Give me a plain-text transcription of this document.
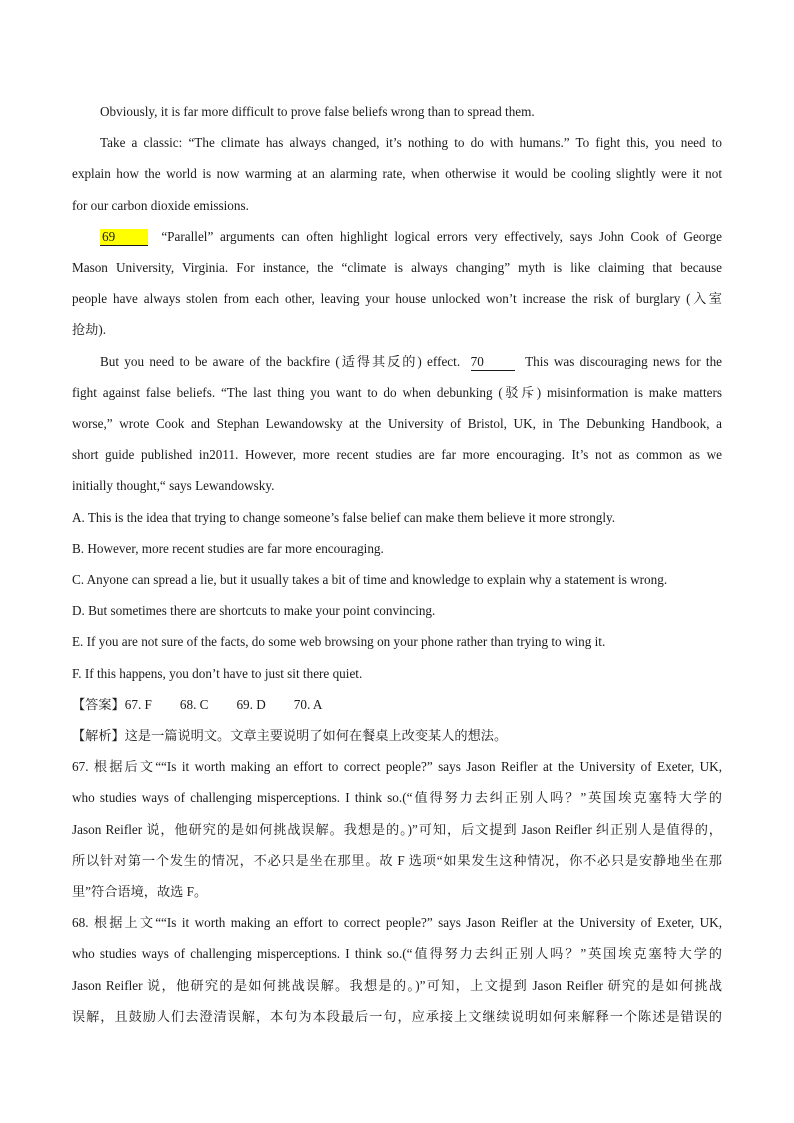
Obviously, it is far more difficult to prove false beliefs wrong than to spread them.
Take a classic: “The climate has always changed, it’s nothing to do with humans.” To fight this, you need to
explain how the world is now warming at an alarming rate, when otherwise it would be cooling slightly were it not
for our carbon dioxide emissions.
69	“Parallel” arguments can often highlight logical errors very effectively, says John Cook of George
Mason University, Virginia. For instance, the “climate is always changing” myth is like claiming that because
people have always stolen from each other, leaving your house unlocked won’t increase the risk of burglary (入室
抢劫).
But you need to be aware of the backfire (适得其反的) effect. 70	This was discouraging news for the
fight against false beliefs. “The last thing you want to do when debunking (驳斥) misinformation is make matters
worse,” wrote Cook and Stephan Lewandowsky at the University of Bristol, UK, in The Debunking Handbook, a
short guide published in2011. However, more recent studies are far more encouraging. It’s not as common as we
initially thought,“ says Lewandowsky.
A. This is the idea that trying to change someone’s false belief can make them believe it more strongly.
B. However, more recent studies are far more encouraging.
C. Anyone can spread a lie, but it usually takes a bit of time and knowledge to explain why a statement is wrong.
D. But sometimes there are shortcuts to make your point convincing.
E. If you are not sure of the facts, do some web browsing on your phone rather than trying to wing it.
F. If this happens, you don’t have to just sit there quiet.
【答案】67. F 68. C 69. D 70. A
【解析】这是一篇说明文。文章主要说明了如何在餐桌上改变某人的想法。
67. 根据后文““Is it worth making an effort to correct people?” says Jason Reifler at the University of Exeter, UK,
who studies ways of challenging misperceptions. I think so.(“值得努力去纠正别人吗？”英国埃克塞特大学的
Jason Reifler 说，他研究的是如何挑战误解。我想是的。)”可知，后文提到 Jason Reifler 纠正别人是值得的，
所以针对第一个发生的情况，不必只是坐在那里。故 F 选项“如果发生这种情况，你不必只是安静地坐在那
里”符合语境，故选 F。
68. 根据上文““Is it worth making an effort to correct people?” says Jason Reifler at the University of Exeter, UK,
who studies ways of challenging misperceptions. I think so.(“值得努力去纠正别人吗？”英国埃克塞特大学的
Jason Reifler 说，他研究的是如何挑战误解。我想是的。)”可知，上文提到 Jason Reifler 研究的是如何挑战
误解，且鼓励人们去澄清误解，本句为本段最后一句，应承接上文继续说明如何来解释一个陈述是错误的
